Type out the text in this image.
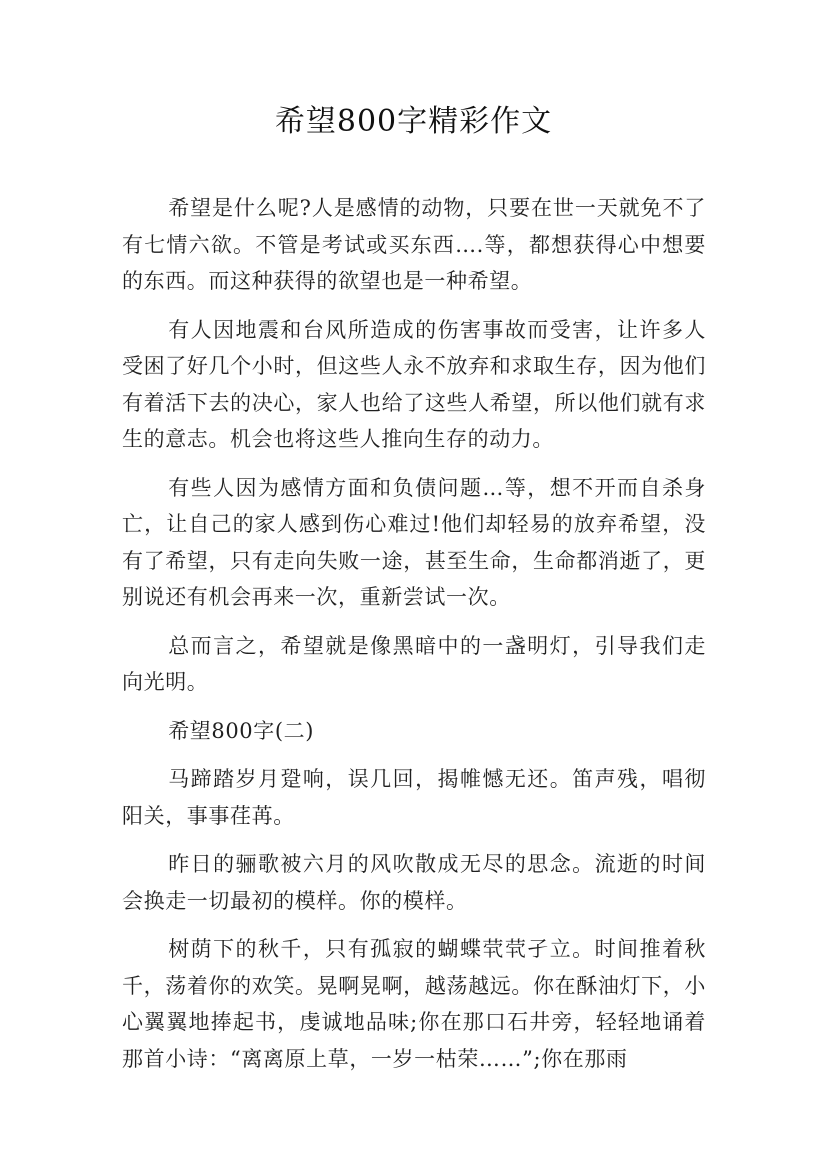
希望800字精彩作文

希望是什么呢?人是感情的动物，只要在世一天就免不了有七情六欲。不管是考试或买东西….等，都想获得心中想要的东西。而这种获得的欲望也是一种希望。

有人因地震和台风所造成的伤害事故而受害，让许多人受困了好几个小时，但这些人永不放弃和求取生存，因为他们有着活下去的决心，家人也给了这些人希望，所以他们就有求生的意志。机会也将这些人推向生存的动力。

有些人因为感情方面和负债问题…等，想不开而自杀身亡，让自己的家人感到伤心难过!他们却轻易的放弃希望，没有了希望，只有走向失败一途，甚至生命，生命都消逝了，更别说还有机会再来一次，重新尝试一次。

总而言之，希望就是像黑暗中的一盏明灯，引导我们走向光明。

希望800字(二)

马蹄踏岁月跫响，误几回，揭帷憾无还。笛声残，唱彻阳关，事事荏苒。

昨日的骊歌被六月的风吹散成无尽的思念。流逝的时间会换走一切最初的模样。你的模样。

树荫下的秋千，只有孤寂的蝴蝶茕茕孑立。时间推着秋千，荡着你的欢笑。晃啊晃啊，越荡越远。你在酥油灯下，小心翼翼地捧起书，虔诚地品味;你在那口石井旁，轻轻地诵着那首小诗：“离离原上草，一岁一枯荣……”;你在那雨
